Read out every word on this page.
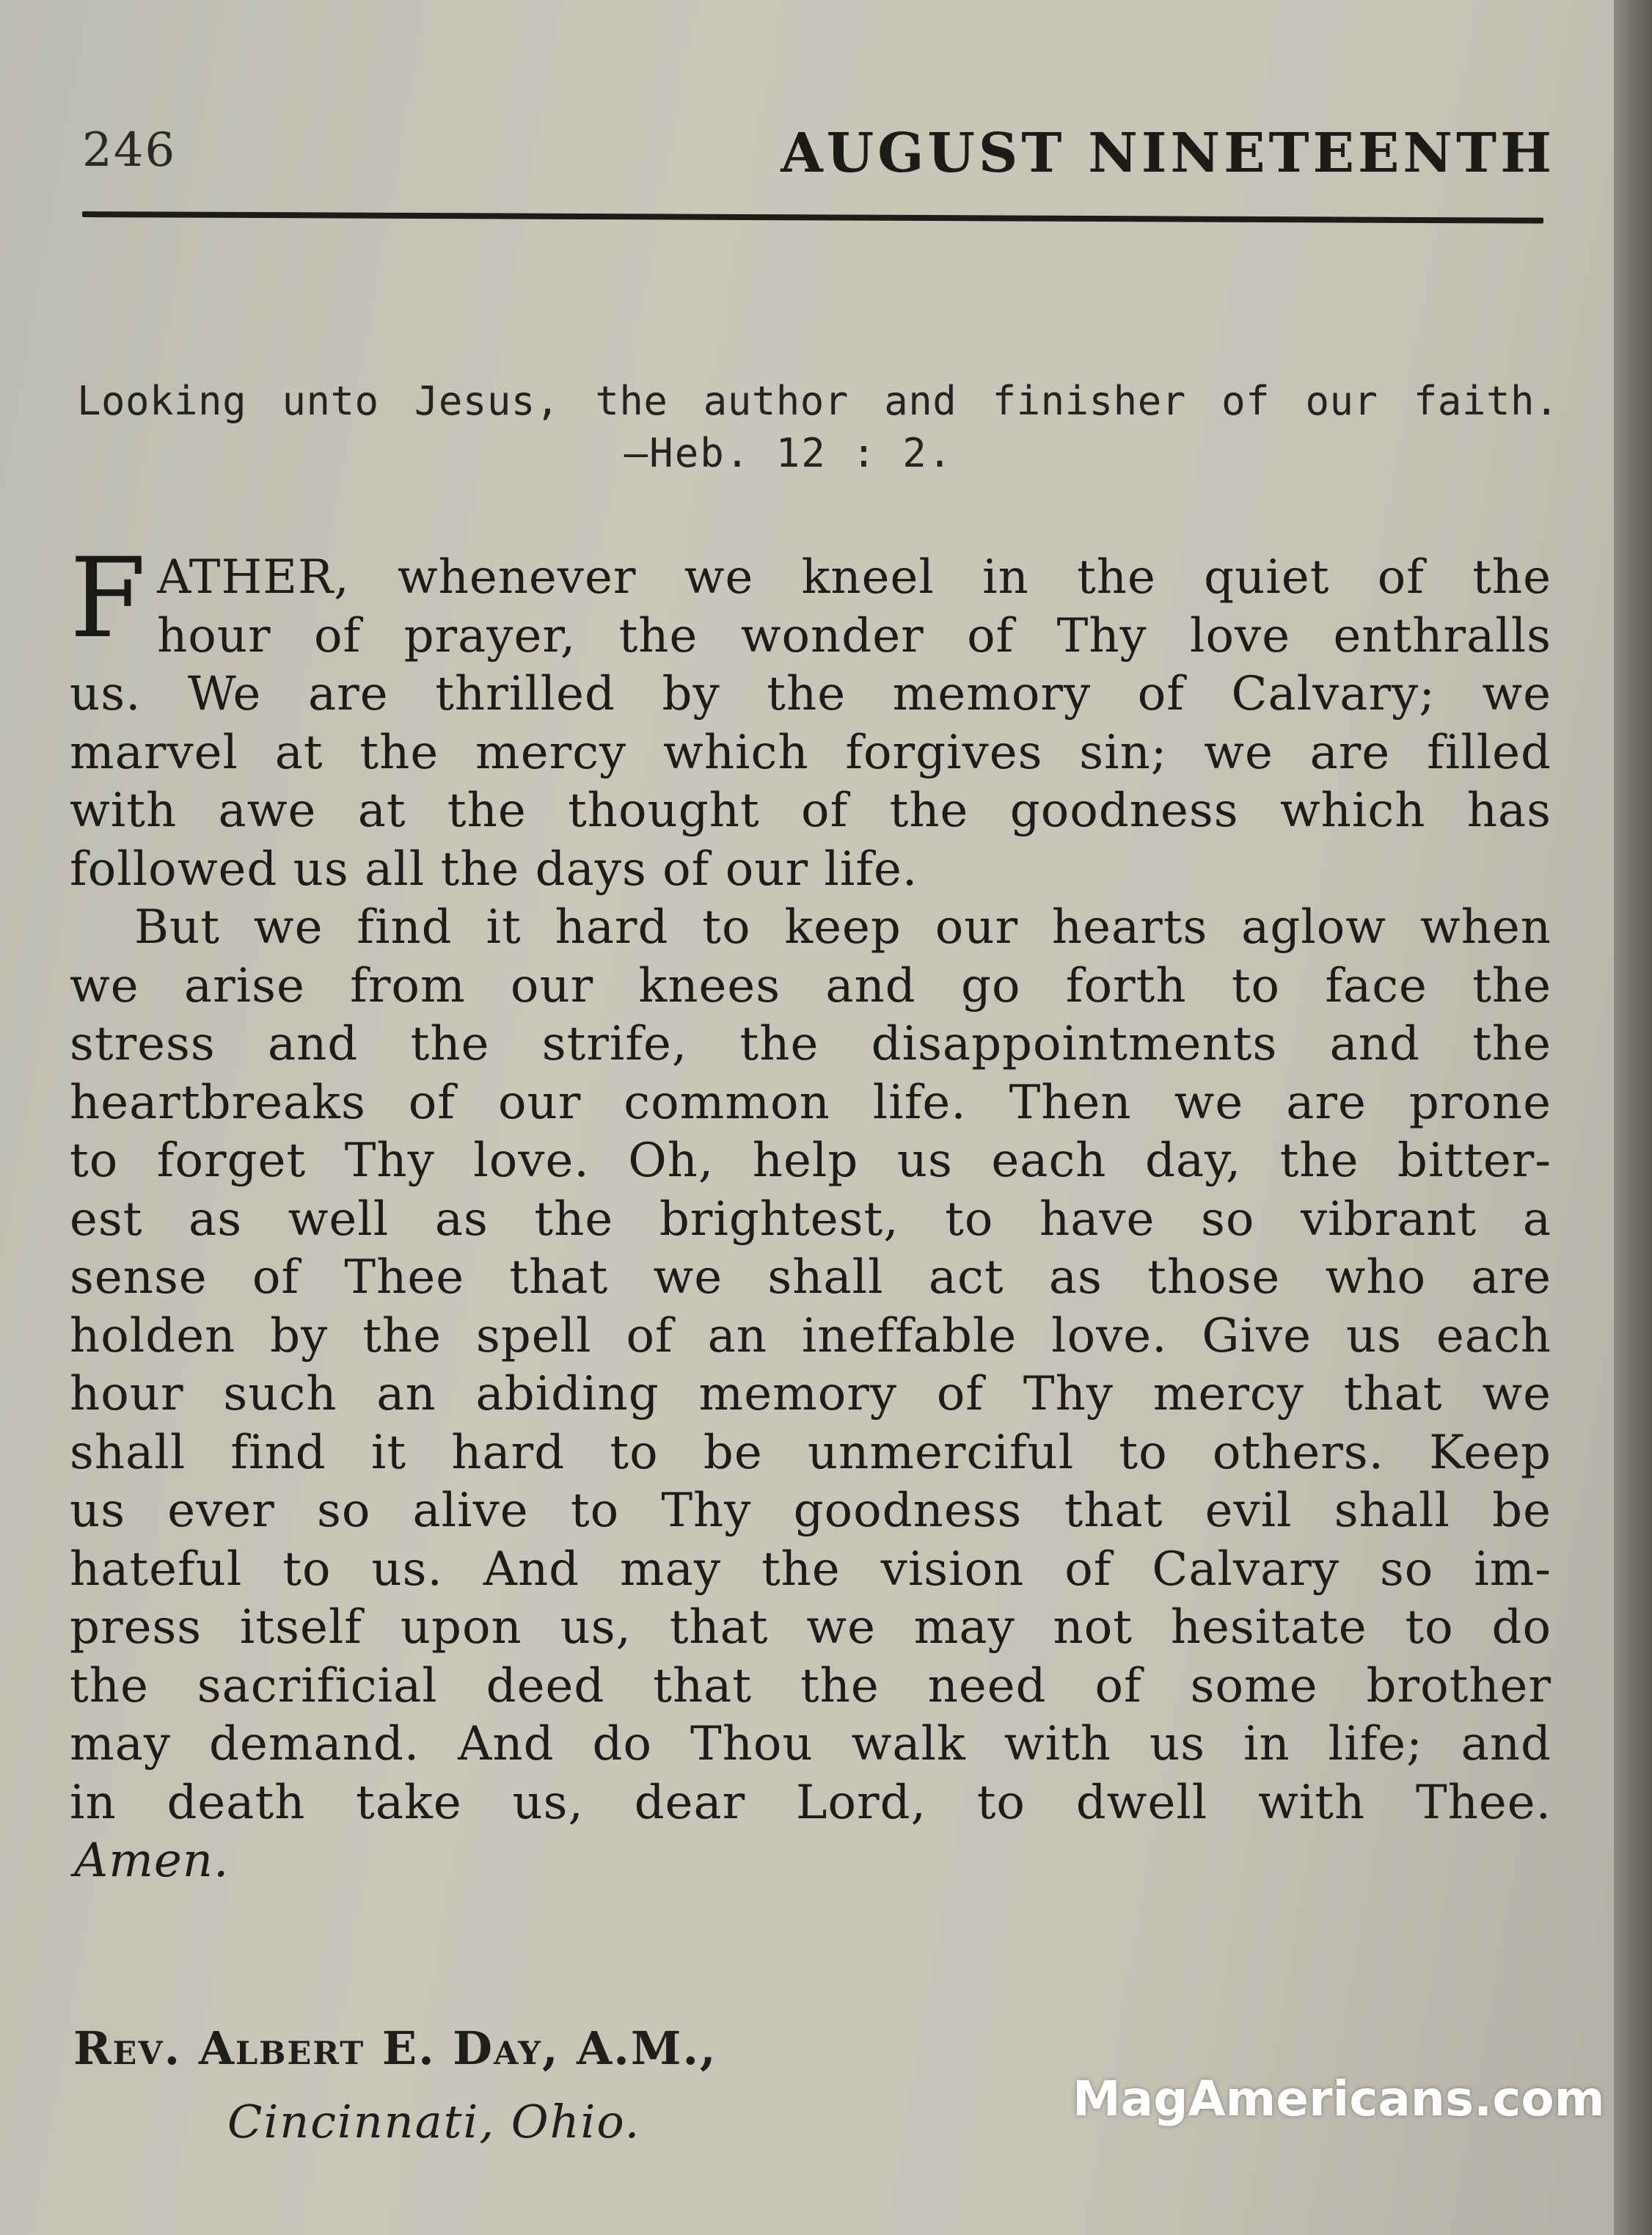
246	AUGUST NINETEENTH
Looking unto Jesus, the author and finisher of our faith.
—Heb. 12 : 2.
F ATHER, whenever we kneel in the quiet of the
hour of prayer, the wonder of Thy love enthralls
us. We are thrilled by the memory of Calvary; we
marvel at the mercy which forgives sin; we are filled
with awe at the thought of the goodness which has
followed us all the days of our life.
But we find it hard to keep our hearts aglow when
we arise from our knees and go forth to face the
stress and the strife, the disappointments and the
heartbreaks of our common life. Then we are prone
to forget Thy love. Oh, help us each day, the bitter-
est as well as the brightest, to have so vibrant a
sense of Thee that we shall act as those who are
holden by the spell of an ineffable love. Give us each
hour such an abiding memory of Thy mercy that we
shall find it hard to be unmerciful to others. Keep
us ever so alive to Thy goodness that evil shall be
hateful to us. And may the vision of Calvary so im-
press itself upon us, that we may not hesitate to do
the sacrificial deed that the need of some brother
may demand. And do Thou walk with us in life; and
in death take us, dear Lord, to dwell with Thee.
Amen.
Rev. Albert E. Day, A.M.,
Cincinnati, Ohio.	MagAmericans.com
